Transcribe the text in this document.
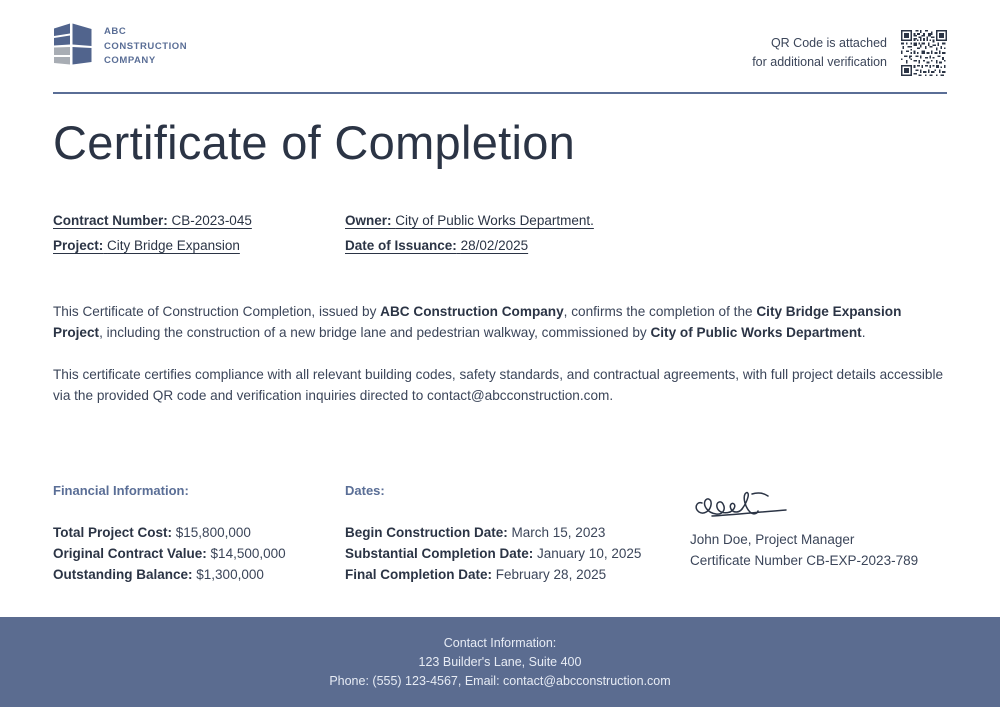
ABC
CONSTRUCTION
COMPANY
QR Code is attached
for additional verification
Certificate of Completion
Contract Number: CB-2023-045	Owner: City of Public Works Department.
Project: City Bridge Expansion	Date of Issuance: 28/02/2025

This Certificate of Construction Completion, issued by ABC Construction Company, confirms the completion of the City Bridge Expansion Project, including the construction of a new bridge lane and pedestrian walkway, commissioned by City of Public Works Department.

This certificate certifies compliance with all relevant building codes, safety standards, and contractual agreements, with full project details accessible via the provided QR code and verification inquiries directed to contact@abcconstruction.com.

Financial Information:
Total Project Cost: $15,800,000
Original Contract Value: $14,500,000
Outstanding Balance: $1,300,000
Dates:
Begin Construction Date: March 15, 2023
Substantial Completion Date: January 10, 2025
Final Completion Date: February 28, 2025
John Doe, Project Manager
Certificate Number CB-EXP-2023-789
Contact Information:
123 Builder's Lane, Suite 400
Phone: (555) 123-4567, Email: contact@abcconstruction.com
